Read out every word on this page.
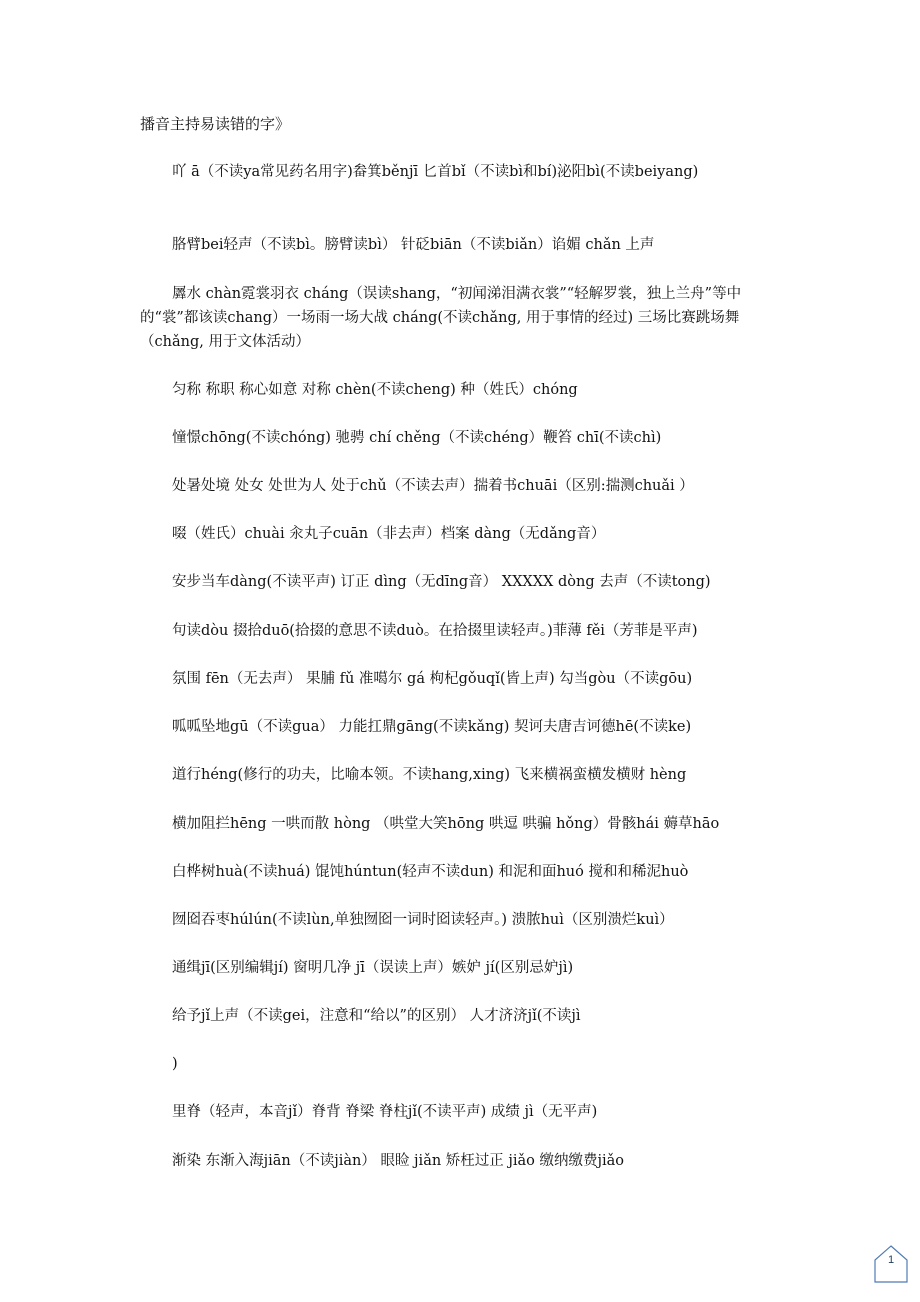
播音主持易读错的字》
吖 ā（不读ya常见药名用字)畚箕běnjī 匕首bǐ（不读bì和bí)泌阳bì(不读beiyang)
胳臂bei轻声（不读bì。膀臂读bì） 针砭biān（不读biǎn）谄媚 chǎn 上声
羼水 chàn霓裳羽衣 cháng（误读shang，“初闻涕泪满衣裳”“轻解罗裳，独上兰舟”等中的“裳”都该读chang）一场雨一场大战 cháng(不读chǎng, 用于事情的经过) 三场比赛跳场舞（chǎng, 用于文体活动）
匀称 称职 称心如意 对称 chèn(不读cheng) 种（姓氏）chóng
憧憬chōng(不读chóng) 驰骋 chí chěng（不读chéng）鞭笞 chī(不读chì)
处暑处境 处女 处世为人 处于chǔ（不读去声）揣着书chuāi（区别:揣测chuǎi ）
啜（姓氏）chuài 汆丸子cuān（非去声）档案 dàng（无dǎng音）
安步当车dàng(不读平声) 订正 dìng（无dīng音） XXXXX dòng 去声（不读tong)
句读dòu 掇拾duō(拾掇的意思不读duò。在拾掇里读轻声。)菲薄 fěi（芳菲是平声)
氛围 fēn（无去声） 果脯 fǔ 准噶尔 gá 枸杞gǒuqǐ(皆上声) 勾当gòu（不读gōu)
呱呱坠地gū（不读gua） 力能扛鼎gāng(不读kǎng) 契诃夫唐吉诃德hē(不读ke)
道行héng(修行的功夫，比喻本领。不读hang,xing) 飞来横祸蛮横发横财 hèng
横加阻拦hēng 一哄而散 hòng （哄堂大笑hōng 哄逗 哄骗 hǒng）骨骸hái 薅草hāo
白桦树huà(不读huá) 馄饨húntun(轻声不读dun) 和泥和面huó 搅和和稀泥huò
囫囵吞枣húlún(不读lùn,单独囫囵一词时囵读轻声。) 溃脓huì（区别溃烂kuì）
通缉jī(区别编辑jí) 窗明几净 jī（误读上声）嫉妒 jí(区别忌妒jì)
给予jǐ上声（不读gei，注意和“给以”的区别） 人才济济jǐ(不读jì
)
里脊（轻声，本音jǐ）脊背 脊梁 脊柱jǐ(不读平声) 成绩 jì（无平声)
渐染 东渐入海jiān（不读jiàn） 眼睑 jiǎn 矫枉过正 jiǎo 缴纳缴费jiǎo
1
